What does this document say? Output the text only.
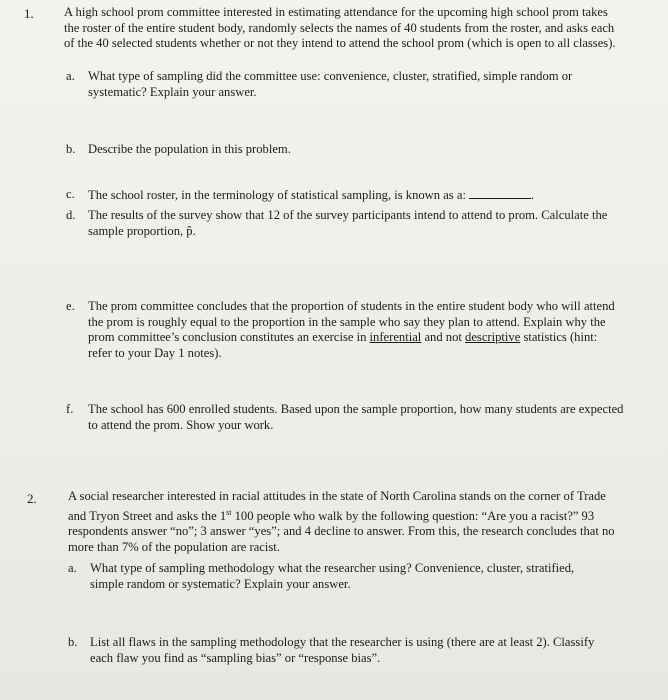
1. A high school prom committee interested in estimating attendance for the upcoming high school prom takes the roster of the entire student body, randomly selects the names of 40 students from the roster, and asks each of the 40 selected students whether or not they intend to attend the school prom (which is open to all classes).
a. What type of sampling did the committee use: convenience, cluster, stratified, simple random or systematic? Explain your answer.
b. Describe the population in this problem.
c. The school roster, in the terminology of statistical sampling, is known as a:	.
d. The results of the survey show that 12 of the survey participants intend to attend to prom. Calculate the sample proportion, p̂.
e. The prom committee concludes that the proportion of students in the entire student body who will attend the prom is roughly equal to the proportion in the sample who say they plan to attend. Explain why the prom committee’s conclusion constitutes an exercise in inferential and not descriptive statistics (hint: refer to your Day 1 notes).
f. The school has 600 enrolled students. Based upon the sample proportion, how many students are expected to attend the prom. Show your work.
2. A social researcher interested in racial attitudes in the state of North Carolina stands on the corner of Trade and Tryon Street and asks the 1st 100 people who walk by the following question: “Are you a racist?” 93 respondents answer “no”; 3 answer “yes”; and 4 decline to answer. From this, the research concludes that no more than 7% of the population are racist.
a. What type of sampling methodology what the researcher using? Convenience, cluster, stratified, simple random or systematic? Explain your answer.
b. List all flaws in the sampling methodology that the researcher is using (there are at least 2). Classify each flaw you find as “sampling bias” or “response bias”.
